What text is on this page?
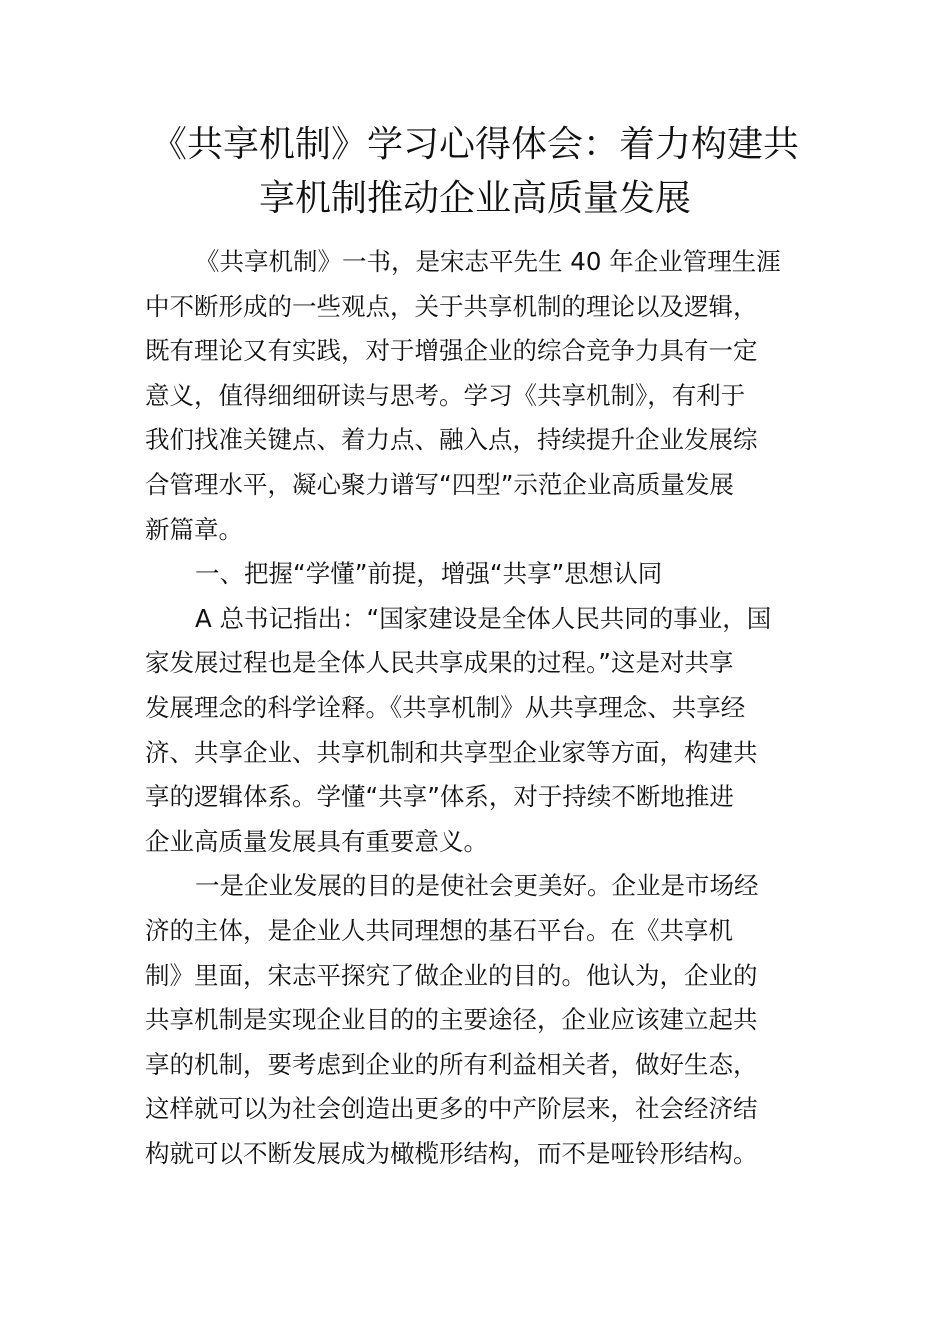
《共享机制》学习心得体会：着力构建共
享机制推动企业高质量发展
《共享机制》一书，是宋志平先生 40 年企业管理生涯
中不断形成的一些观点，关于共享机制的理论以及逻辑，
既有理论又有实践，对于增强企业的综合竞争力具有一定
意义，值得细细研读与思考。学习《共享机制》，有利于
我们找准关键点、着力点、融入点，持续提升企业发展综
合管理水平，凝心聚力谱写“四型”示范企业高质量发展
新篇章。
一、把握“学懂”前提，增强“共享”思想认同
A 总书记指出：“国家建设是全体人民共同的事业，国
家发展过程也是全体人民共享成果的过程。”这是对共享
发展理念的科学诠释。《共享机制》从共享理念、共享经
济、共享企业、共享机制和共享型企业家等方面，构建共
享的逻辑体系。学懂“共享”体系，对于持续不断地推进
企业高质量发展具有重要意义。
一是企业发展的目的是使社会更美好。企业是市场经
济的主体，是企业人共同理想的基石平台。在《共享机
制》里面，宋志平探究了做企业的目的。他认为，企业的
共享机制是实现企业目的的主要途径，企业应该建立起共
享的机制，要考虑到企业的所有利益相关者，做好生态，
这样就可以为社会创造出更多的中产阶层来，社会经济结
构就可以不断发展成为橄榄形结构，而不是哑铃形结构。
